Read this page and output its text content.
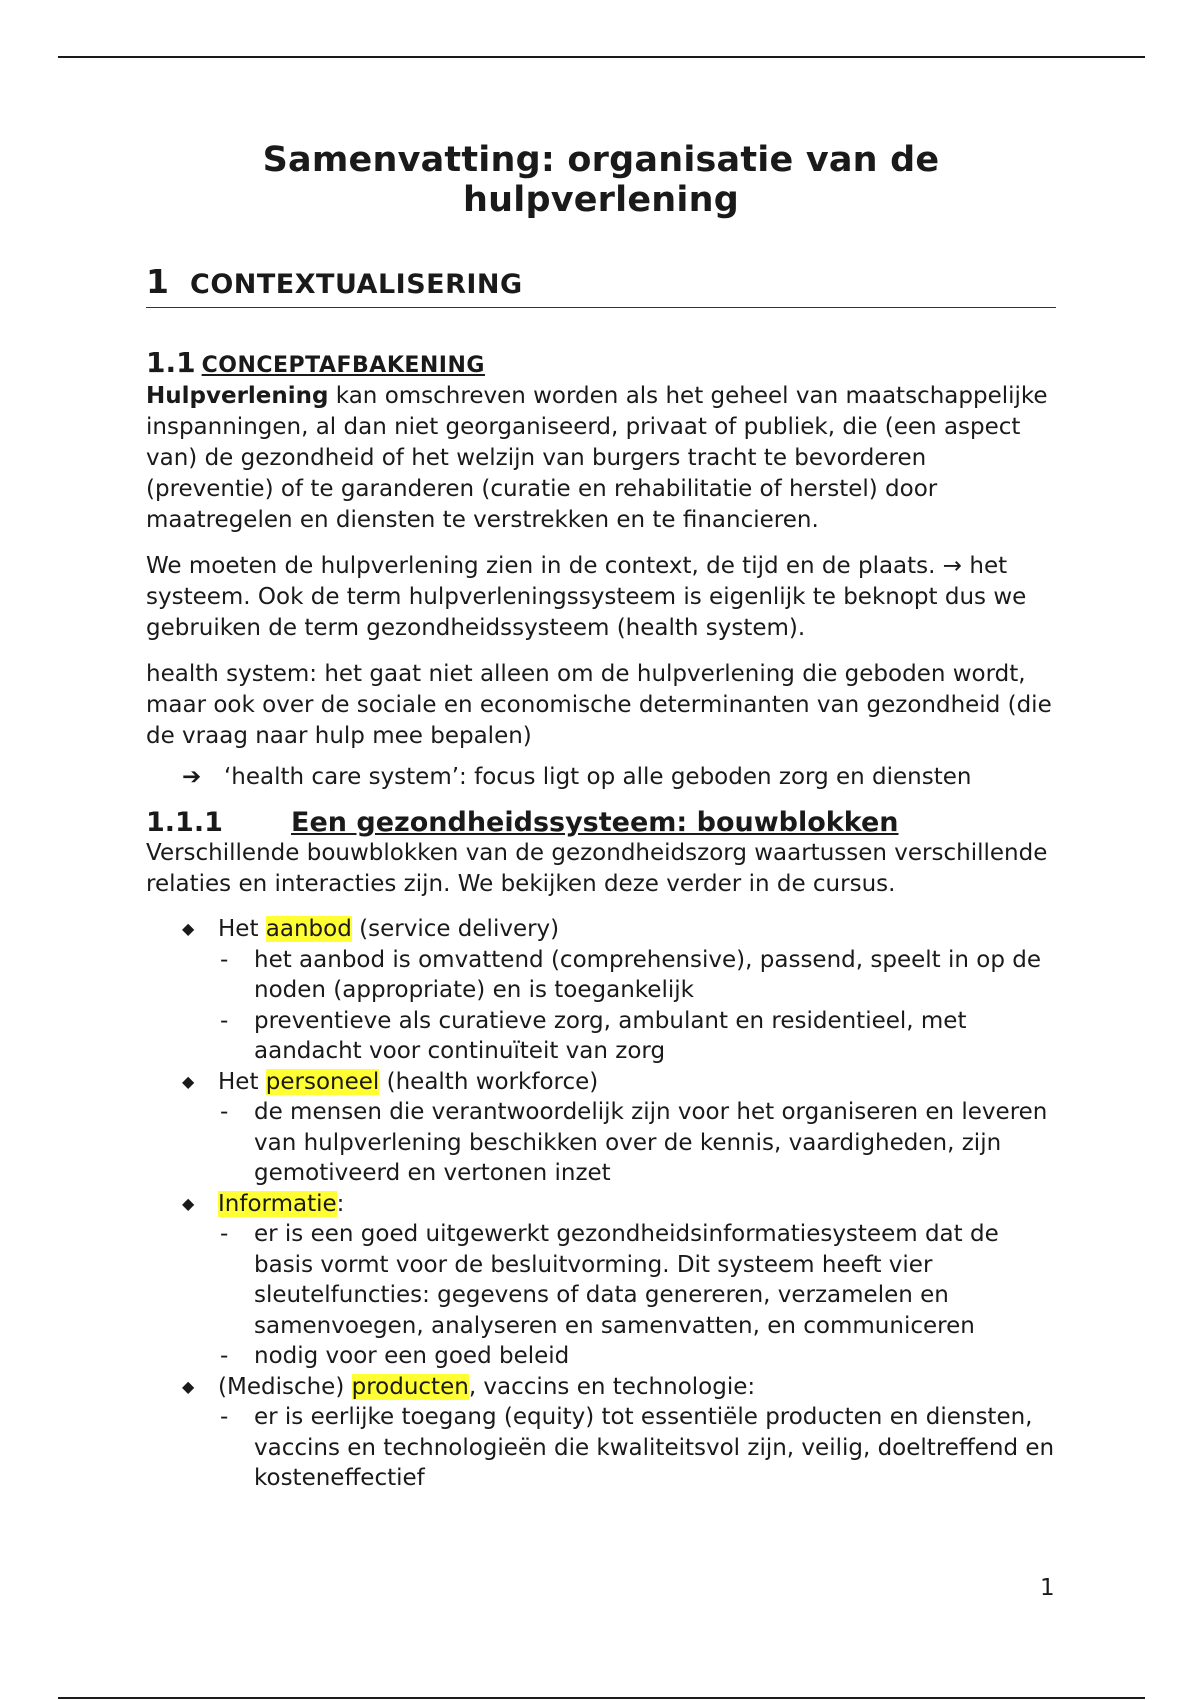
Samenvatting: organisatie van de hulpverlening
1 CONTEXTUALISERING
1.1 CONCEPTAFBAKENING

Hulpverlening kan omschreven worden als het geheel van maatschappelijke inspanningen, al dan niet georganiseerd, privaat of publiek, die (een aspect van) de gezondheid of het welzijn van burgers tracht te bevorderen (preventie) of te garanderen (curatie en rehabilitatie of herstel) door maatregelen en diensten te verstrekken en te financieren.

We moeten de hulpverlening zien in de context, de tijd en de plaats. → het systeem. Ook de term hulpverleningssysteem is eigenlijk te beknopt dus we gebruiken de term gezondheidssysteem (health system).

health system: het gaat niet alleen om de hulpverlening die geboden wordt, maar ook over de sociale en economische determinanten van gezondheid (die de vraag naar hulp mee bepalen)

➔ ‘health care system’: focus ligt op alle geboden zorg en diensten
1.1.1	Een gezondheidssysteem: bouwblokken

Verschillende bouwblokken van de gezondheidszorg waartussen verschillende relaties en interacties zijn. We bekijken deze verder in de cursus.

◆ Het aanbod (service delivery)
- het aanbod is omvattend (comprehensive), passend, speelt in op de noden (appropriate) en is toegankelijk
- preventieve als curatieve zorg, ambulant en residentieel, met aandacht voor continuïteit van zorg
◆ Het personeel (health workforce)
- de mensen die verantwoordelijk zijn voor het organiseren en leveren van hulpverlening beschikken over de kennis, vaardigheden, zijn gemotiveerd en vertonen inzet
◆ Informatie:
- er is een goed uitgewerkt gezondheidsinformatiesysteem dat de basis vormt voor de besluitvorming. Dit systeem heeft vier sleutelfuncties: gegevens of data genereren, verzamelen en samenvoegen, analyseren en samenvatten, en communiceren
- nodig voor een goed beleid
◆ (Medische) producten, vaccins en technologie:
- er is eerlijke toegang (equity) tot essentiële producten en diensten, vaccins en technologieën die kwaliteitsvol zijn, veilig, doeltreffend en kosteneffectief
1
